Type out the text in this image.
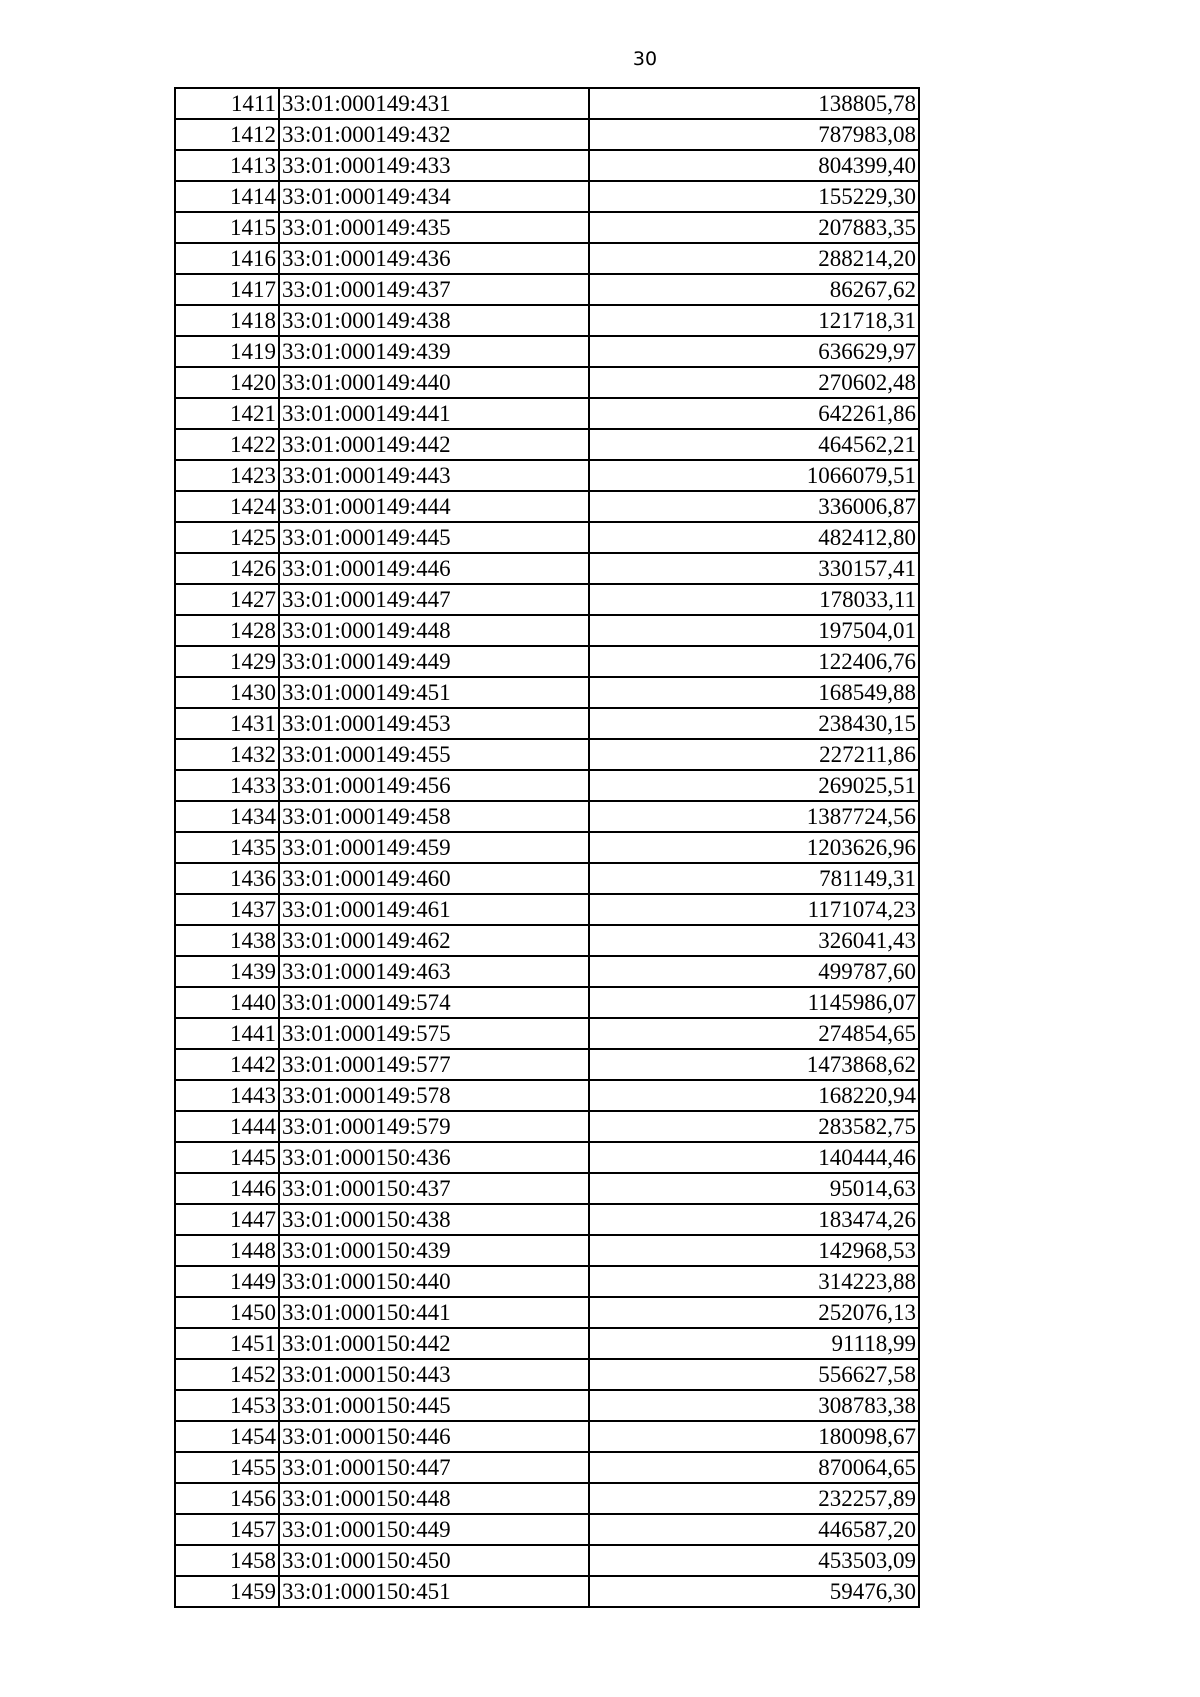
30
1411	33:01:000149:431	138805,78
1412	33:01:000149:432	787983,08
1413	33:01:000149:433	804399,40
1414	33:01:000149:434	155229,30
1415	33:01:000149:435	207883,35
1416	33:01:000149:436	288214,20
1417	33:01:000149:437	86267,62
1418	33:01:000149:438	121718,31
1419	33:01:000149:439	636629,97
1420	33:01:000149:440	270602,48
1421	33:01:000149:441	642261,86
1422	33:01:000149:442	464562,21
1423	33:01:000149:443	1066079,51
1424	33:01:000149:444	336006,87
1425	33:01:000149:445	482412,80
1426	33:01:000149:446	330157,41
1427	33:01:000149:447	178033,11
1428	33:01:000149:448	197504,01
1429	33:01:000149:449	122406,76
1430	33:01:000149:451	168549,88
1431	33:01:000149:453	238430,15
1432	33:01:000149:455	227211,86
1433	33:01:000149:456	269025,51
1434	33:01:000149:458	1387724,56
1435	33:01:000149:459	1203626,96
1436	33:01:000149:460	781149,31
1437	33:01:000149:461	1171074,23
1438	33:01:000149:462	326041,43
1439	33:01:000149:463	499787,60
1440	33:01:000149:574	1145986,07
1441	33:01:000149:575	274854,65
1442	33:01:000149:577	1473868,62
1443	33:01:000149:578	168220,94
1444	33:01:000149:579	283582,75
1445	33:01:000150:436	140444,46
1446	33:01:000150:437	95014,63
1447	33:01:000150:438	183474,26
1448	33:01:000150:439	142968,53
1449	33:01:000150:440	314223,88
1450	33:01:000150:441	252076,13
1451	33:01:000150:442	91118,99
1452	33:01:000150:443	556627,58
1453	33:01:000150:445	308783,38
1454	33:01:000150:446	180098,67
1455	33:01:000150:447	870064,65
1456	33:01:000150:448	232257,89
1457	33:01:000150:449	446587,20
1458	33:01:000150:450	453503,09
1459	33:01:000150:451	59476,30
